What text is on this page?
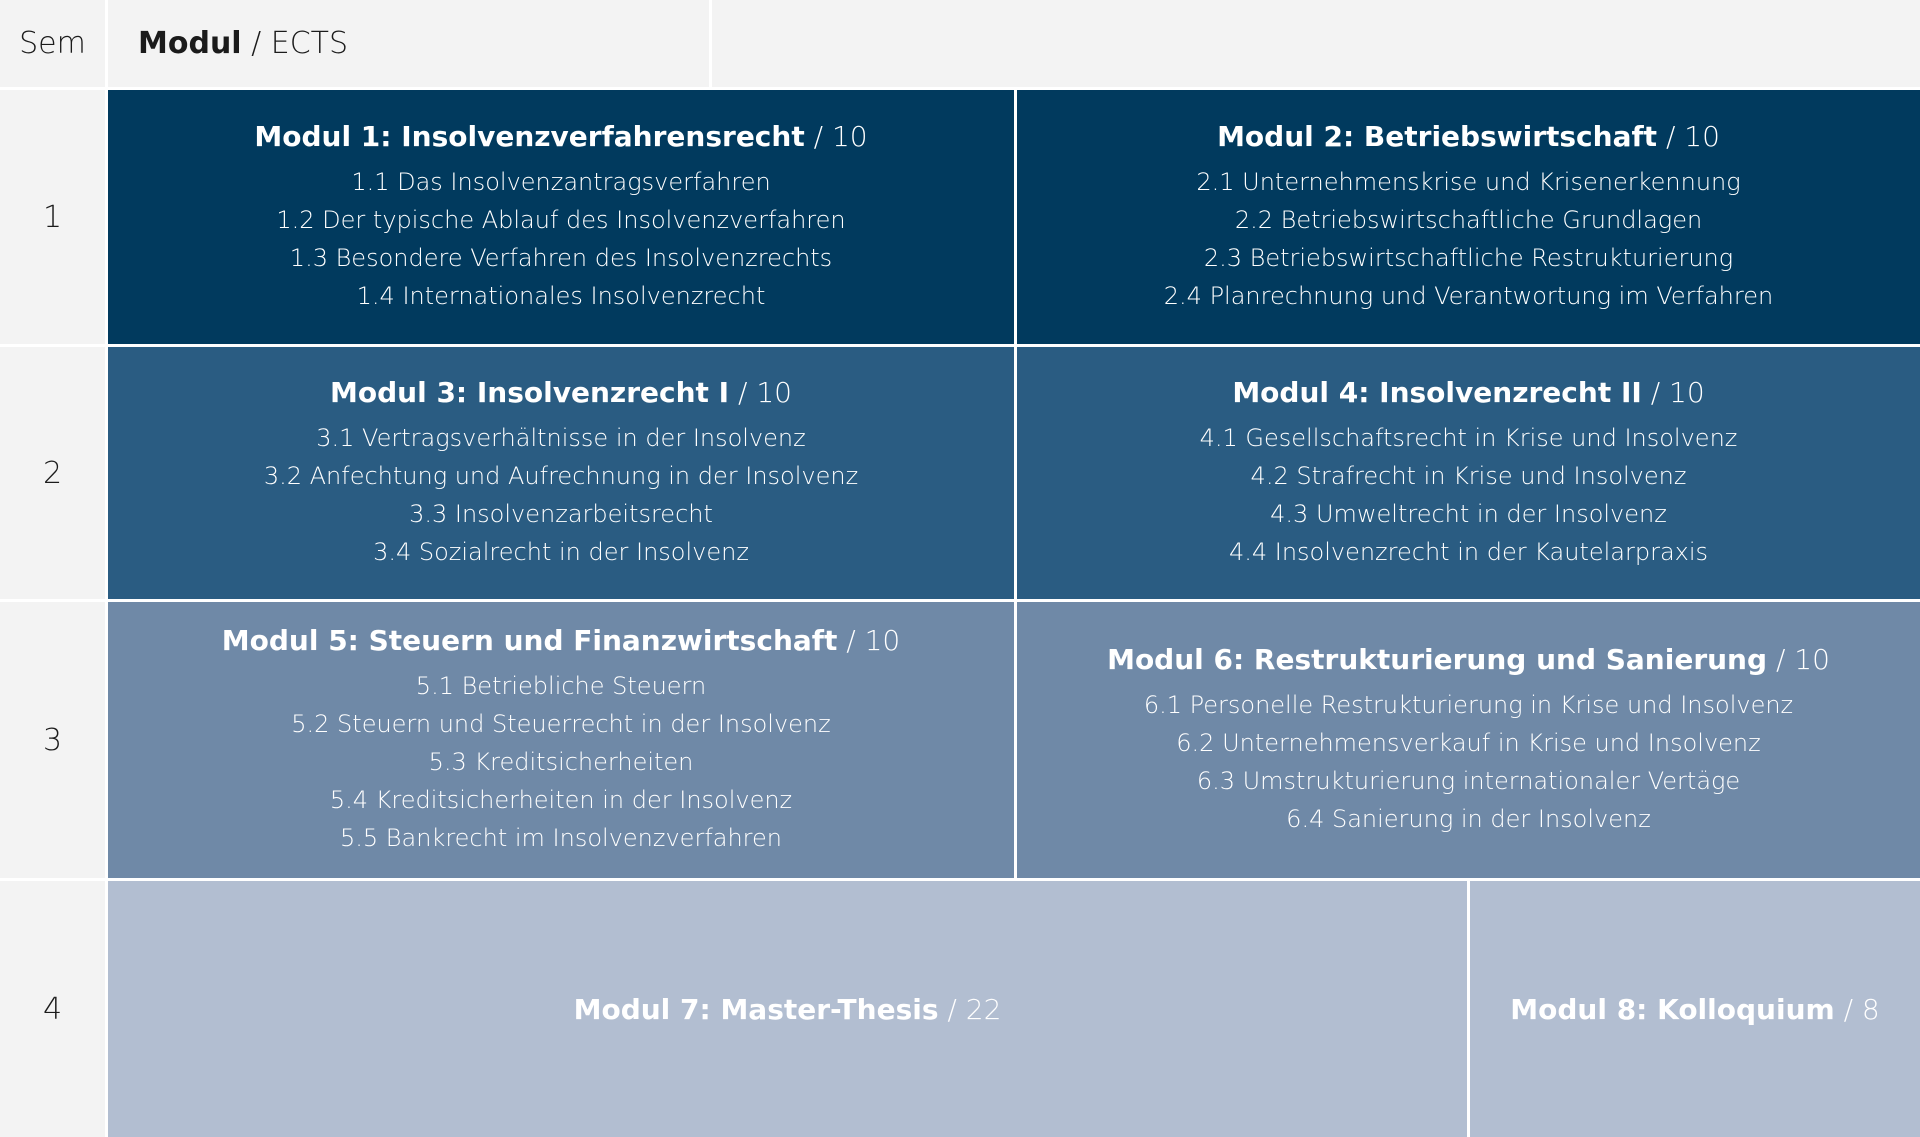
Sem Modul / ECTS
1
Modul 1: Insolvenzverfahrensrecht / 10
1.1 Das Insolvenzantragsverfahren
1.2 Der typische Ablauf des Insolvenzverfahren
1.3 Besondere Verfahren des Insolvenzrechts
1.4 Internationales Insolvenzrecht
Modul 2: Betriebswirtschaft / 10
2.1 Unternehmenskrise und Krisenerkennung
2.2 Betriebswirtschaftliche Grundlagen
2.3 Betriebswirtschaftliche Restrukturierung
2.4 Planrechnung und Verantwortung im Verfahren
2
Modul 3: Insolvenzrecht I / 10
3.1 Vertragsverhältnisse in der Insolvenz
3.2 Anfechtung und Aufrechnung in der Insolvenz
3.3 Insolvenzarbeitsrecht
3.4 Sozialrecht in der Insolvenz
Modul 4: Insolvenzrecht II / 10
4.1 Gesellschaftsrecht in Krise und Insolvenz
4.2 Strafrecht in Krise und Insolvenz
4.3 Umweltrecht in der Insolvenz
4.4 Insolvenzrecht in der Kautelarpraxis
3
Modul 5: Steuern und Finanzwirtschaft / 10
5.1 Betriebliche Steuern
5.2 Steuern und Steuerrecht in der Insolvenz
5.3 Kreditsicherheiten
5.4 Kreditsicherheiten in der Insolvenz
5.5 Bankrecht im Insolvenzverfahren
Modul 6: Restrukturierung und Sanierung / 10
6.1 Personelle Restrukturierung in Krise und Insolvenz
6.2 Unternehmensverkauf in Krise und Insolvenz
6.3 Umstrukturierung internationaler Vertäge
6.4 Sanierung in der Insolvenz
4	Modul 7: Master-Thesis / 22	Modul 8: Kolloquium / 8
